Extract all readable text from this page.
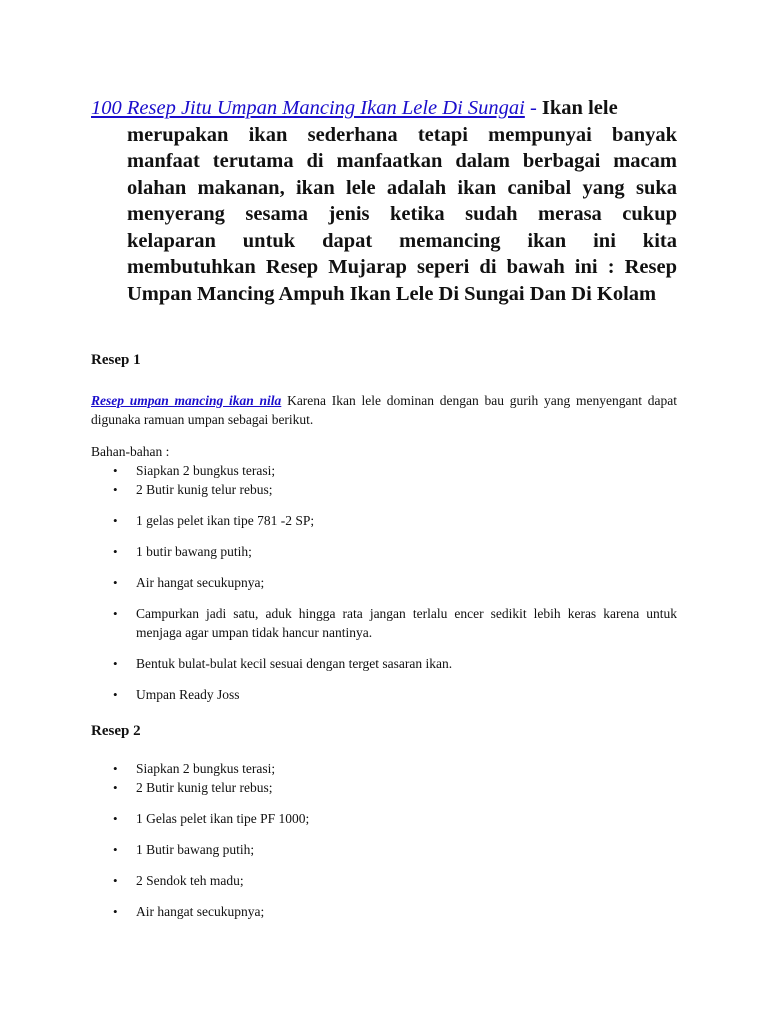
100 Resep Jitu Umpan Mancing Ikan Lele Di Sungai - Ikan lele
merupakan ikan sederhana tetapi mempunyai banyak manfaat terutama di manfaatkan dalam berbagai macam olahan makanan, ikan lele adalah ikan canibal yang suka menyerang sesama jenis ketika sudah merasa cukup kelaparan untuk dapat memancing ikan ini kita membutuhkan Resep Mujarap seperi di bawah ini : Resep Umpan Mancing Ampuh Ikan Lele Di Sungai Dan Di Kolam
Resep 1
Resep umpan mancing ikan nila Karena Ikan lele dominan dengan bau gurih yang menyengant dapat digunaka ramuan umpan sebagai berikut.
Bahan-bahan :
• Siapkan 2 bungkus terasi;
• 2 Butir kunig telur rebus;
• 1 gelas pelet ikan tipe 781 -2 SP;
• 1 butir bawang putih;
• Air hangat secukupnya;
• Campurkan jadi satu, aduk hingga rata jangan terlalu encer sedikit lebih keras karena untuk menjaga agar umpan tidak hancur nantinya.
• Bentuk bulat-bulat kecil sesuai dengan terget sasaran ikan.
• Umpan Ready Joss
Resep 2
• Siapkan 2 bungkus terasi;
• 2 Butir kunig telur rebus;
• 1 Gelas pelet ikan tipe PF 1000;
• 1 Butir bawang putih;
• 2 Sendok teh madu;
• Air hangat secukupnya;
